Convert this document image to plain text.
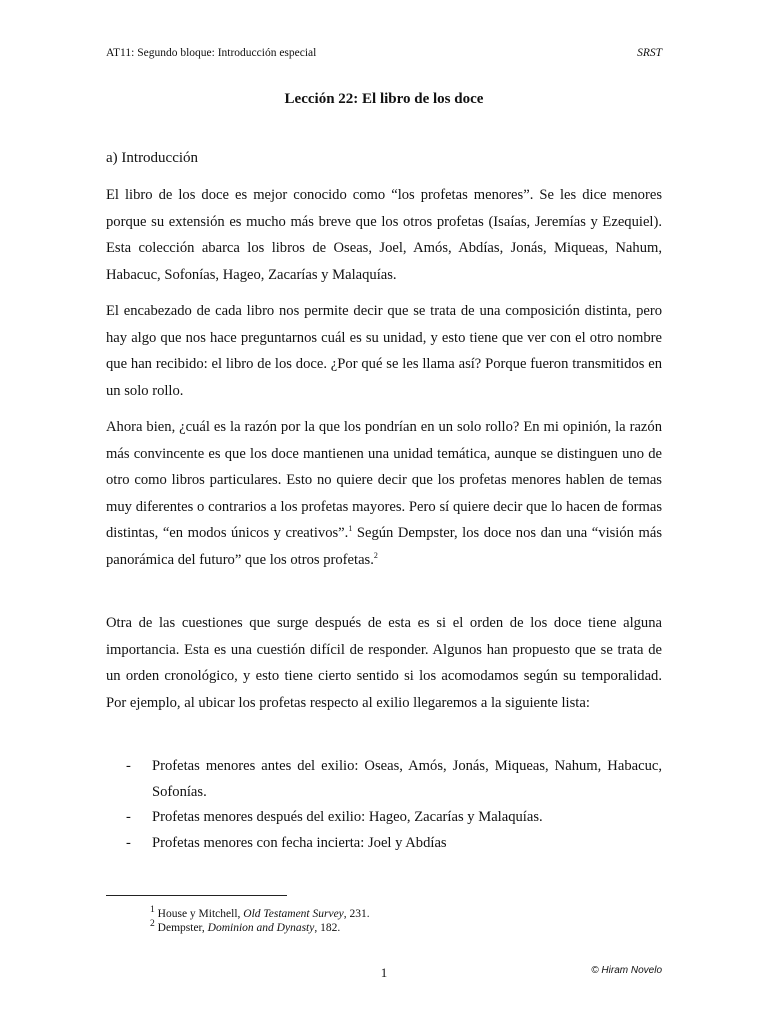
AT11: Segundo bloque: Introducción especial	SRST
Lección 22: El libro de los doce
a) Introducción

El libro de los doce es mejor conocido como “los profetas menores”. Se les dice menores porque su extensión es mucho más breve que los otros profetas (Isaías, Jeremías y Ezequiel). Esta colección abarca los libros de Oseas, Joel, Amós, Abdías, Jonás, Miqueas, Nahum, Habacuc, Sofonías, Hageo, Zacarías y Malaquías.

El encabezado de cada libro nos permite decir que se trata de una composición distinta, pero hay algo que nos hace preguntarnos cuál es su unidad, y esto tiene que ver con el otro nombre que han recibido: el libro de los doce. ¿Por qué se les llama así? Porque fueron transmitidos en un solo rollo.

Ahora bien, ¿cuál es la razón por la que los pondrían en un solo rollo? En mi opinión, la razón más convincente es que los doce mantienen una unidad temática, aunque se distinguen uno de otro como libros particulares. Esto no quiere decir que los profetas menores hablen de temas muy diferentes o contrarios a los profetas mayores. Pero sí quiere decir que lo hacen de formas distintas, “en modos únicos y creativos”.$^1$ Según Dempster, los doce nos dan una “visión más panorámica del futuro” que los otros profetas.$^2$

Otra de las cuestiones que surge después de esta es si el orden de los doce tiene alguna importancia. Esta es una cuestión difícil de responder. Algunos han propuesto que se trata de un orden cronológico, y esto tiene cierto sentido si los acomodamos según su temporalidad. Por ejemplo, al ubicar los profetas respecto al exilio llegaremos a la siguiente lista:

- Profetas menores antes del exilio: Oseas, Amós, Jonás, Miqueas, Nahum, Habacuc, Sofonías.
- Profetas menores después del exilio: Hageo, Zacarías y Malaquías.
- Profetas menores con fecha incierta: Joel y Abdías
$^1$ House y Mitchell, Old Testament Survey, 231.
$^2$ Dempster, Dominion and Dynasty, 182.
1	© Hiram Novelo
